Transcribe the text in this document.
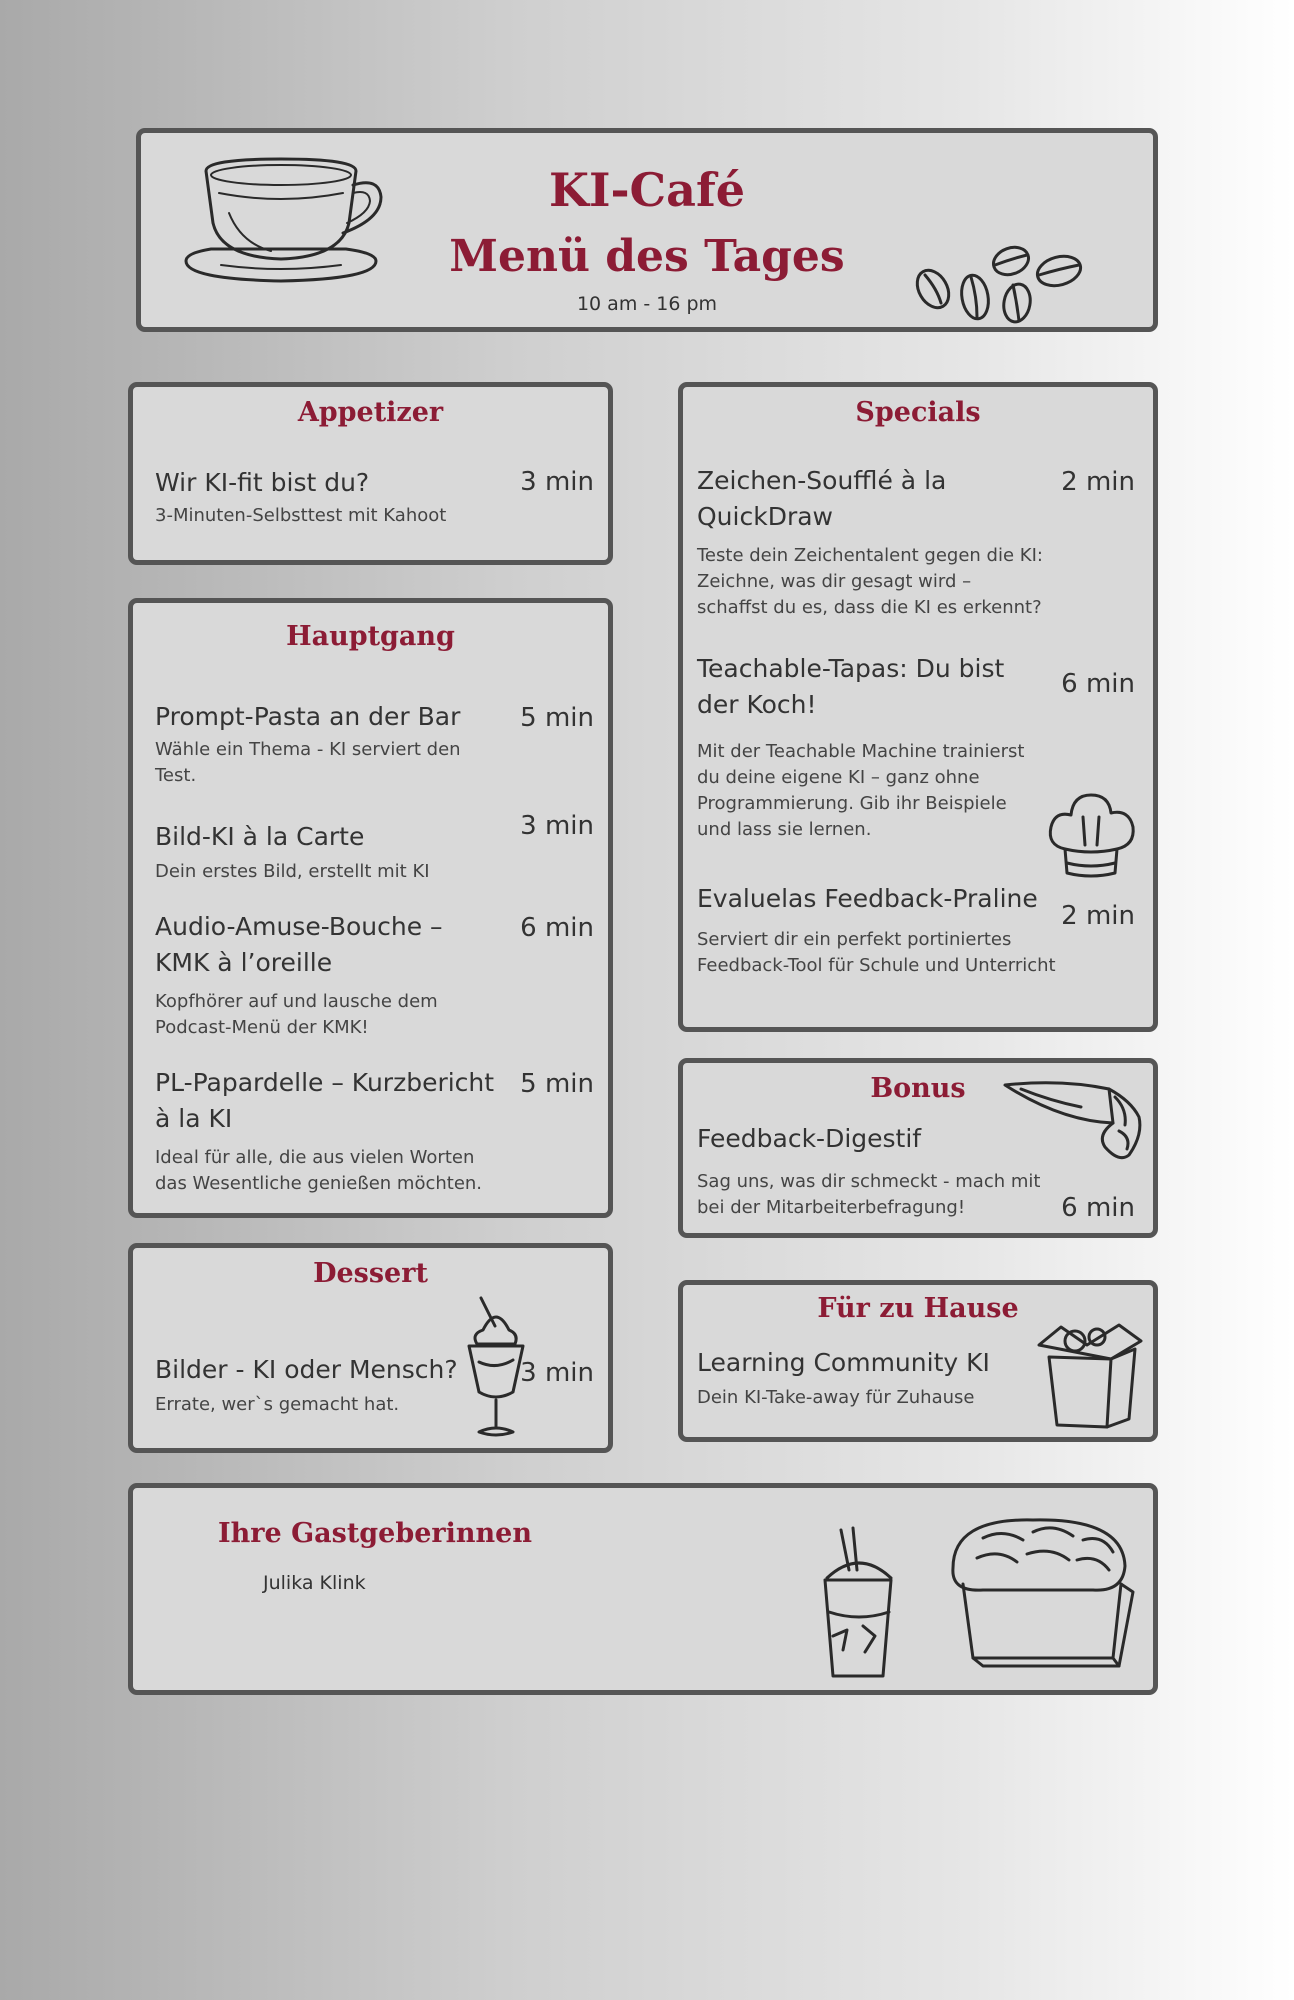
KI-Café
Menü des Tages
10 am - 16 pm
Appetizer
Wir KI-fit bist du?
3-Minuten-Selbsttest mit Kahoot
3 min
Hauptgang
Prompt-Pasta an der Bar
Wähle ein Thema - KI serviert den Test.
5 min
Bild-KI à la Carte
Dein erstes Bild, erstellt mit KI
3 min
Audio-Amuse-Bouche – KMK à l’oreille
Kopfhörer auf und lausche dem Podcast-Menü der KMK!
6 min
PL-Papardelle – Kurzbericht à la KI
Ideal für alle, die aus vielen Worten das Wesentliche genießen möchten.
5 min
Dessert
Bilder - KI oder Mensch?
Errate, wer`s gemacht hat.
3 min
Specials
Zeichen-Soufflé à la QuickDraw
Teste dein Zeichentalent gegen die KI: Zeichne, was dir gesagt wird – schaffst du es, dass die KI es erkennt?
2 min
Teachable-Tapas: Du bist der Koch!
Mit der Teachable Machine trainierst du deine eigene KI – ganz ohne Programmierung. Gib ihr Beispiele und lass sie lernen.
6 min
Evaluelas Feedback-Praline
Serviert dir ein perfekt portiniertes Feedback-Tool für Schule und Unterricht
2 min
Bonus
Feedback-Digestif
Sag uns, was dir schmeckt - mach mit bei der Mitarbeiterbefragung!	6 min
Für zu Hause
Learning Community KI
Dein KI-Take-away für Zuhause
Ihre Gastgeberinnen
Julika Klink
